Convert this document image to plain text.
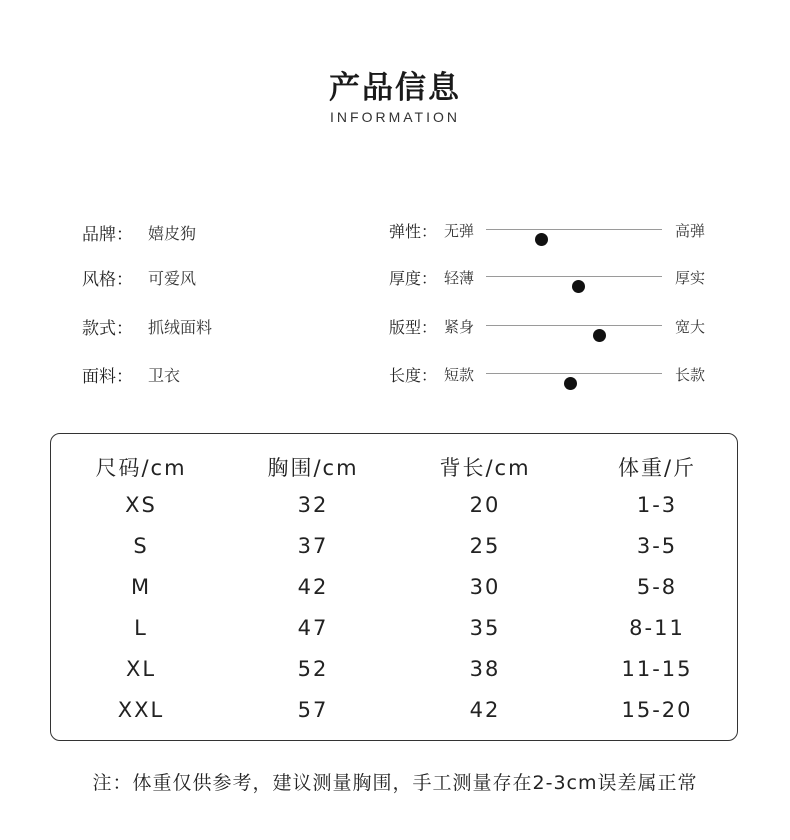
产品信息
INFORMATION
品牌： 嬉皮狗
风格： 可爱风
款式： 抓绒面料
面料： 卫衣
弹性： 无弹	高弹
厚度： 轻薄	厚实
版型： 紧身	宽大
长度： 短款	长款
尺码/cm	胸围/cm	背长/cm	体重/斤
XS	32	20	1-3
S	37	25	3-5
M	42	30	5-8
L	47	35	8-11
XL	52	38	11-15
XXL	57	42	15-20
注：体重仅供参考，建议测量胸围，手工测量存在2-3cm误差属正常
